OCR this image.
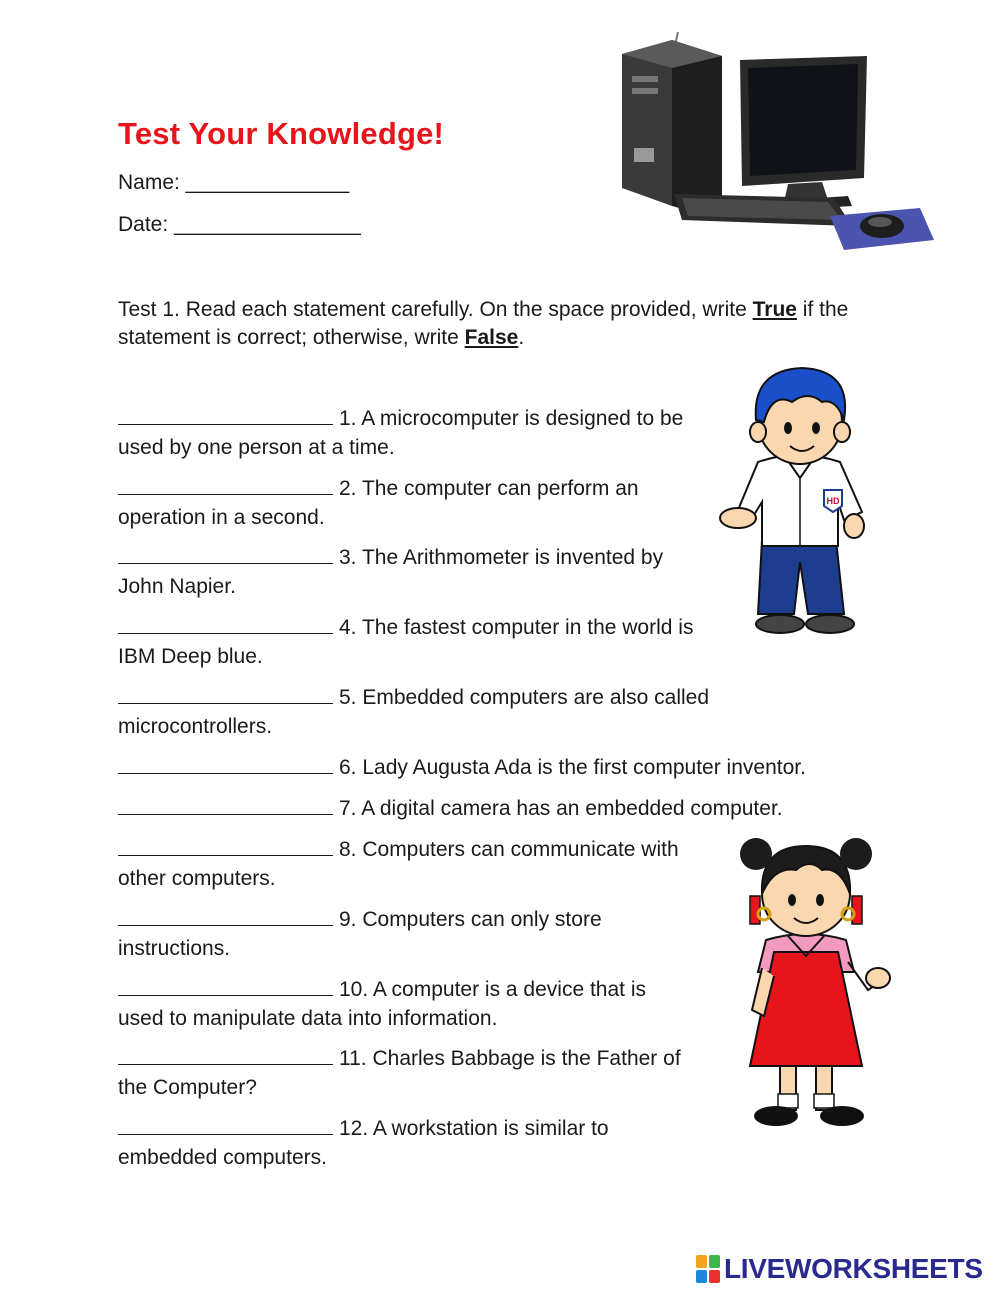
Test Your Knowledge!
Name: ______________
Date: ________________
Test 1. Read each statement carefully. On the space provided, write True if the statement is correct; otherwise, write False.
1. A microcomputer is designed to be
used by one person at a time.
2. The computer can perform an
operation in a second.
3. The Arithmometer is invented by
John Napier.
4. The fastest computer in the world is
IBM Deep blue.
5. Embedded computers are also called
microcontrollers.
6. Lady Augusta Ada is the first computer inventor.
7. A digital camera has an embedded computer.
8. Computers can communicate with
other computers.
9. Computers can only store
instructions.
10. A computer is a device that is
used to manipulate data into information.
11. Charles Babbage is the Father of
the Computer?
12. A workstation is similar to
embedded computers.
HD
LIVEWORKSHEETS
